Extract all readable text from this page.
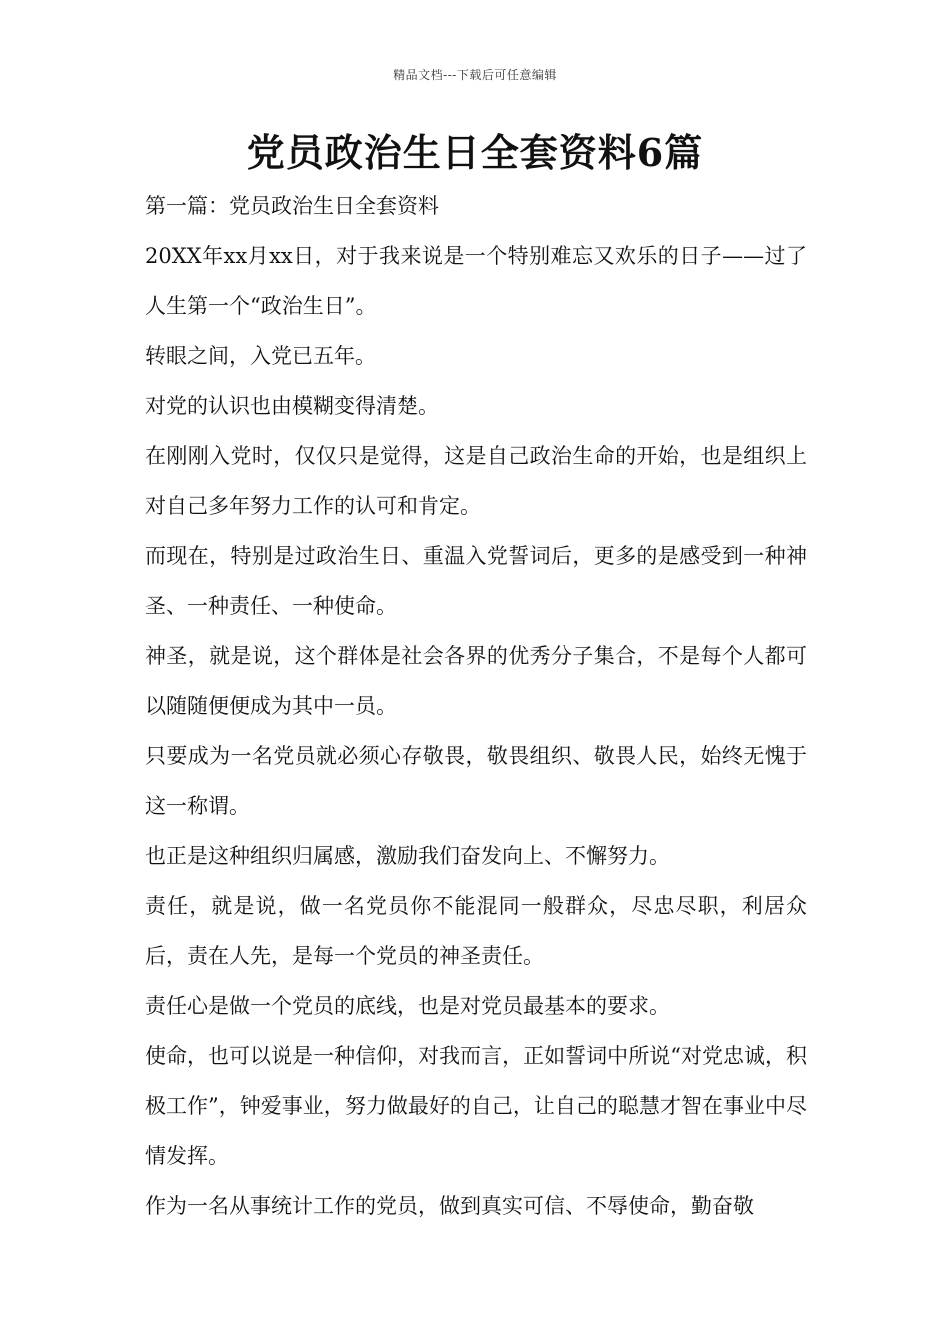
精品文档---下载后可任意编辑
党员政治生日全套资料6篇

第一篇：党员政治生日全套资料

20XX年xx月xx日，对于我来说是一个特别难忘又欢乐的日子——过了人生第一个“政治生日”。

转眼之间，入党已五年。

对党的认识也由模糊变得清楚。

在刚刚入党时，仅仅只是觉得，这是自己政治生命的开始，也是组织上对自己多年努力工作的认可和肯定。

而现在，特别是过政治生日、重温入党誓词后，更多的是感受到一种神圣、一种责任、一种使命。

神圣，就是说，这个群体是社会各界的优秀分子集合，不是每个人都可以随随便便成为其中一员。

只要成为一名党员就必须心存敬畏，敬畏组织、敬畏人民，始终无愧于这一称谓。

也正是这种组织归属感，激励我们奋发向上、不懈努力。

责任，就是说，做一名党员你不能混同一般群众，尽忠尽职，利居众后，责在人先，是每一个党员的神圣责任。

责任心是做一个党员的底线，也是对党员最基本的要求。

使命，也可以说是一种信仰，对我而言，正如誓词中所说“对党忠诚，积极工作”，钟爱事业，努力做最好的自己，让自己的聪慧才智在事业中尽情发挥。

作为一名从事统计工作的党员，做到真实可信、不辱使命，勤奋敬
